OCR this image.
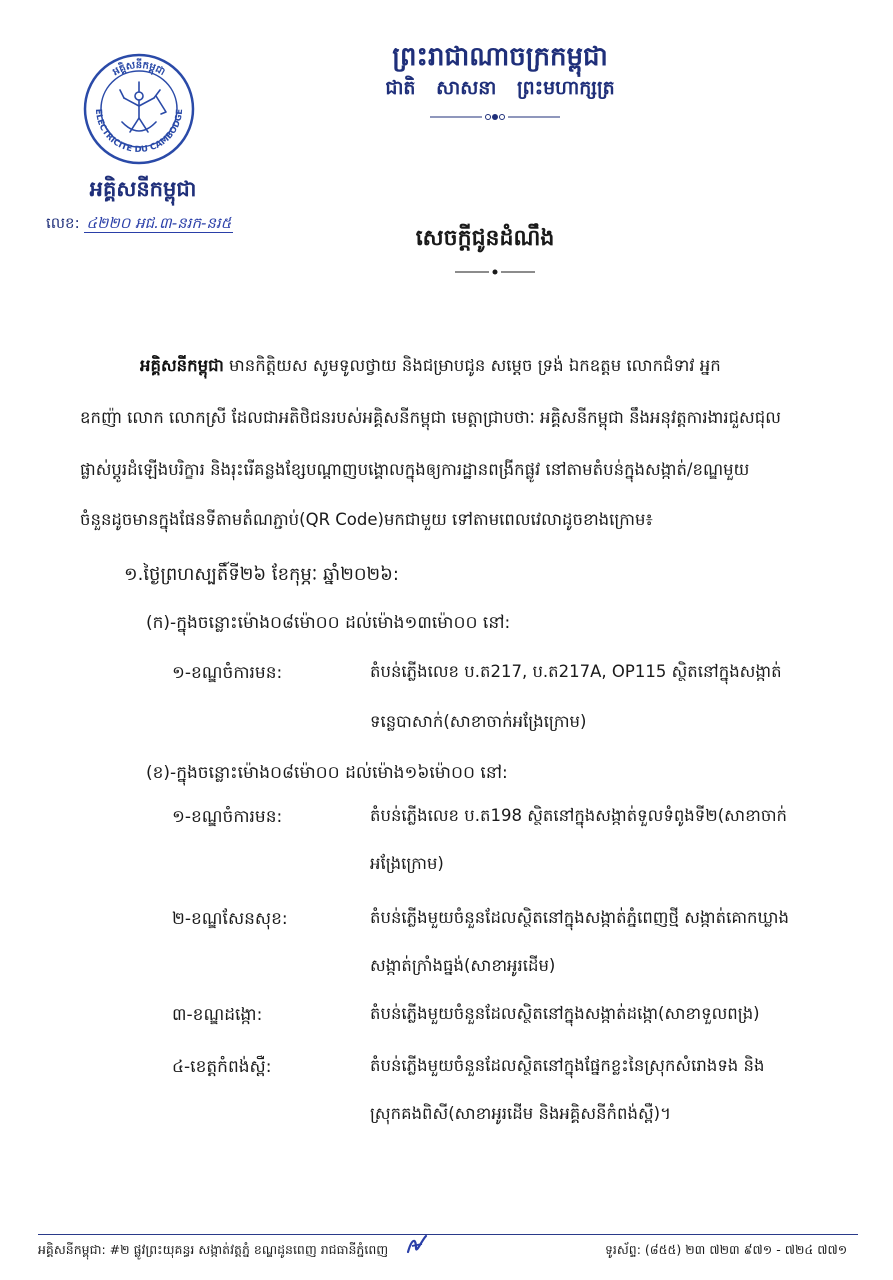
ELECTRICITE DU CAMBODGE
អគ្គិសនីកម្ពុជា
អគ្គិសនីកម្ពុជា
លេខ: ៤២២០ អជ.៣-នរក-នរ៥
ព្រះរាជាណាចក្រកម្ពុជា
ជាតិ សាសនា ព្រះមហាក្សត្រ
សេចក្តីជូនដំណឹង
អគ្គិសនីកម្ពុជា មានកិត្តិយស សូមទូលថ្វាយ និងជម្រាបជូន សម្តេច ទ្រង់ ឯកឧត្តម លោកជំទាវ អ្នក
ឧកញ៉ា លោក លោកស្រី ដែលជាអតិថិជនរបស់អគ្គិសនីកម្ពុជា មេត្តាជ្រាបថាៈ អគ្គិសនីកម្ពុជា នឹងអនុវត្តការងារជួសជុល
ផ្លាស់ប្តូរដំឡើងបរិក្ខារ និងរុះរើគន្លងខ្សែបណ្តាញបង្គោលក្នុងឲ្យការដ្ឋានពង្រីកផ្លូវ នៅតាមតំបន់ក្នុងសង្កាត់/ខណ្ឌមួយ
ចំនួនដូចមានក្នុងផែនទីតាមតំណភ្ជាប់(QR Code)មកជាមួយ ទៅតាមពេលវេលាដូចខាងក្រោម៖
១.ថ្ងៃព្រហស្បតិ៍ទី២៦ ខែកុម្ភៈ ឆ្នាំ២០២៦:
(ក)-ក្នុងចន្លោះម៉ោង០៨ម៉ោ០០ ដល់ម៉ោង១៣ម៉ោ០០ នៅ:
១-ខណ្ឌចំការមន:	តំបន់ភ្លើងលេខ ប.ត217, ប.ត217A, OP115 ស្ថិតនៅក្នុងសង្កាត់
ទន្លេបាសាក់(សាខាចាក់អង្រែក្រោម)
(ខ)-ក្នុងចន្លោះម៉ោង០៨ម៉ោ០០ ដល់ម៉ោង១៦ម៉ោ០០ នៅ:
១-ខណ្ឌចំការមន:	តំបន់ភ្លើងលេខ ប.ត198 ស្ថិតនៅក្នុងសង្កាត់ទួលទំពូងទី២(សាខាចាក់
អង្រែក្រោម)
២-ខណ្ឌសែនសុខ:	តំបន់ភ្លើងមួយចំនួនដែលស្ថិតនៅក្នុងសង្កាត់ភ្នំពេញថ្មី សង្កាត់គោកឃ្លាង
សង្កាត់ក្រាំងធ្នង់(សាខាអូរដើម)
៣-ខណ្ឌដង្កោ:	តំបន់ភ្លើងមួយចំនួនដែលស្ថិតនៅក្នុងសង្កាត់ដង្កោ(សាខាទួលពង្រ)
៤-ខេត្តកំពង់ស្ពឺ:	តំបន់ភ្លើងមួយចំនួនដែលស្ថិតនៅក្នុងផ្នែកខ្លះនៃស្រុកសំរោងទង និង
ស្រុកគងពិសី(សាខាអូរដើម និងអគ្គិសនីកំពង់ស្ពឺ)។
អគ្គិសនីកម្ពុជា: #២ ផ្លូវព្រះយុគន្ធរ សង្កាត់វត្តភ្នំ ខណ្ឌដូនពេញ រាជធានីភ្នំពេញ	ទូរស័ព្ទ: (៨៥៥) ២៣ ៧២៣ ៩៧១ - ៧២៤ ៧៧១
